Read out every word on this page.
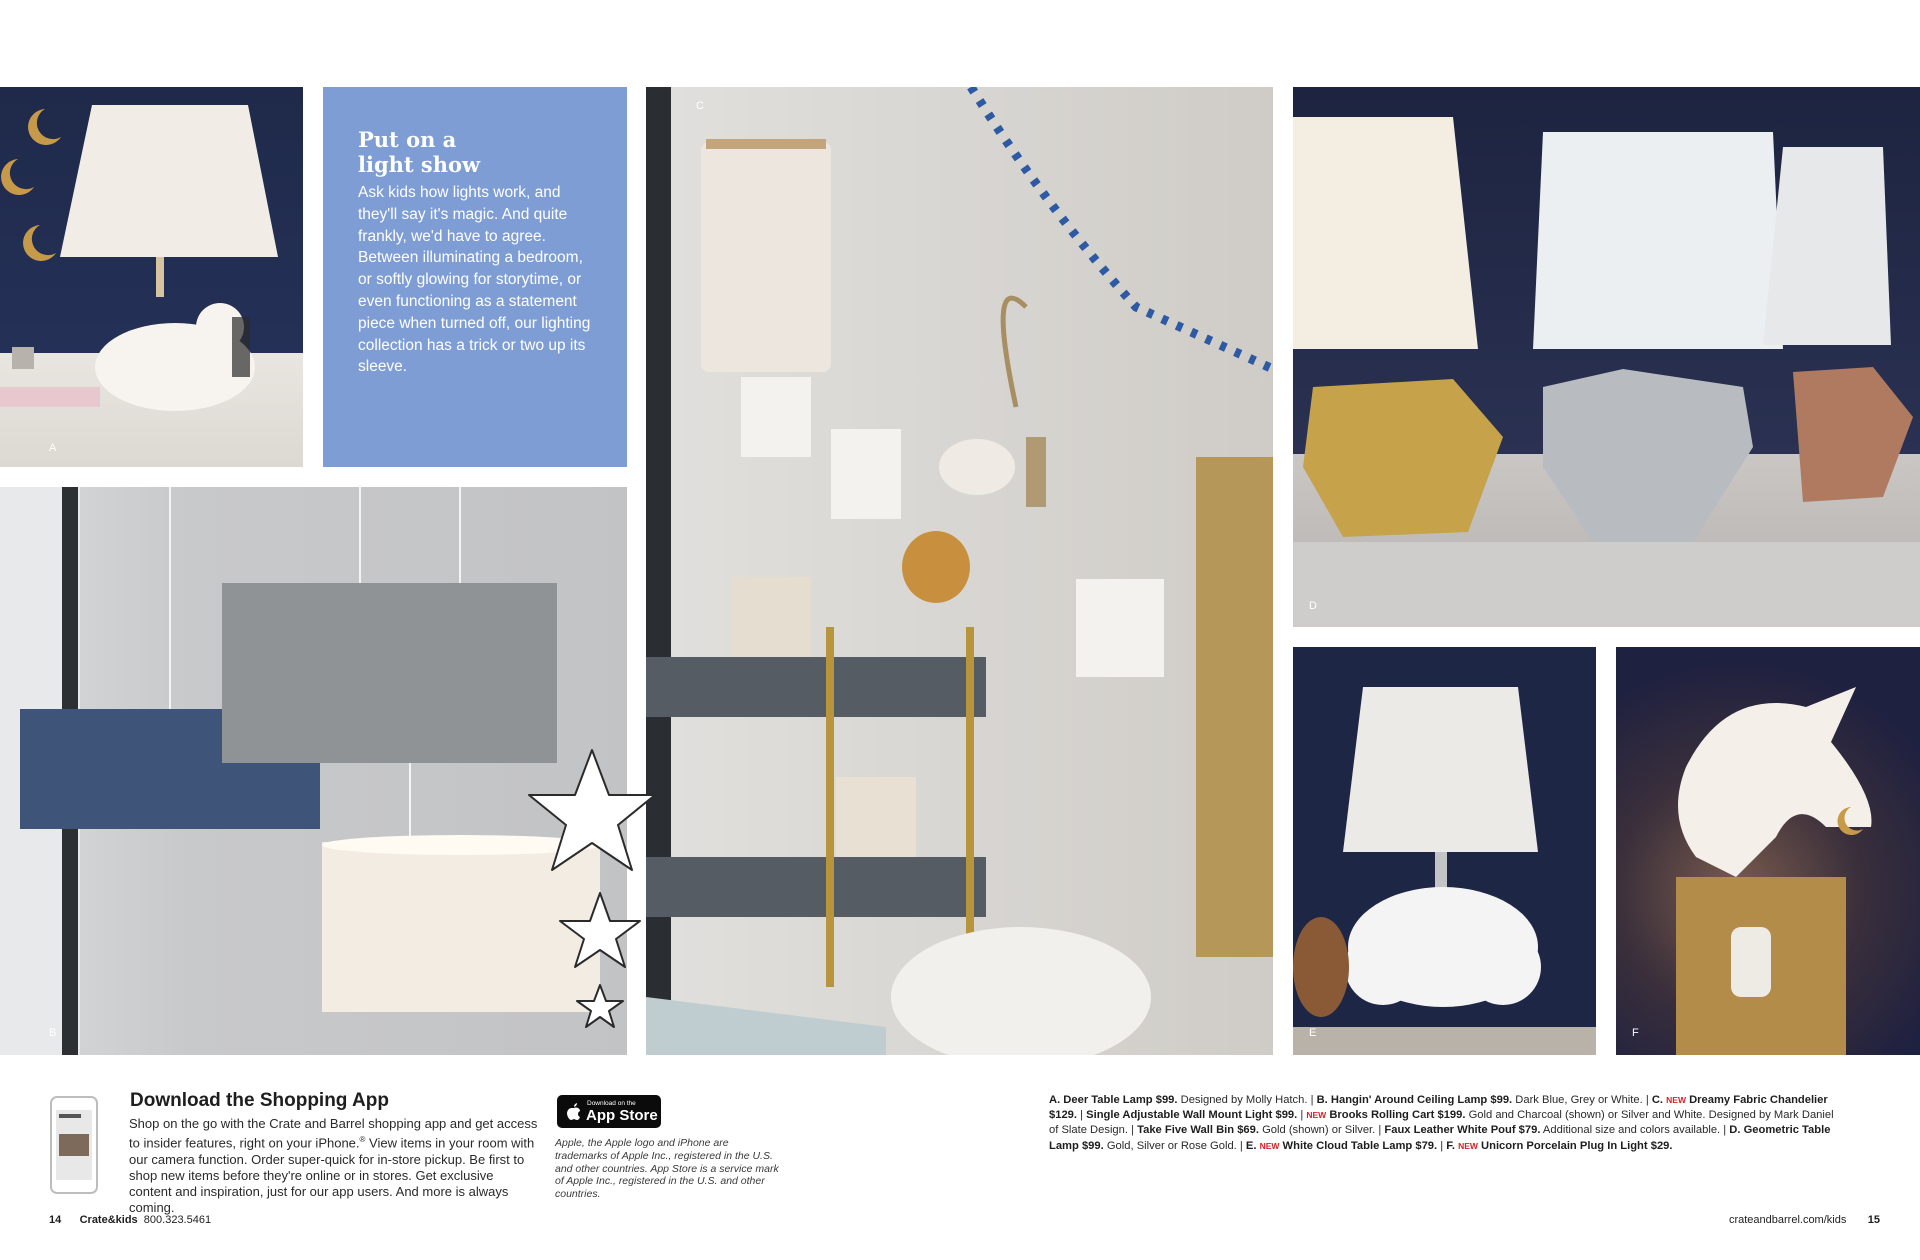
A
Put on a
light show

Ask kids how lights work, and they'll say it's magic. And quite frankly, we'd have to agree. Between illuminating a bedroom, or softly glowing for storytime, or even functioning as a statement piece when turned off, our lighting collection has a trick or two up its sleeve.

B
C
D
E	F
Download the Shopping App
Shop on the go with the Crate and Barrel shopping app and get access to insider features, right on your iPhone.® View items in your room with our camera function. Order super-quick for in-store pickup. Be first to shop new items before they're online or in stores. Get exclusive content and inspiration, just for our app users. And more is always coming.
Download on the
App Store
Apple, the Apple logo and iPhone are trademarks of Apple Inc., registered in the U.S. and other countries. App Store is a service mark of Apple Inc., registered in the U.S. and other countries.
A. Deer Table Lamp $99. Designed by Molly Hatch. | B. Hangin' Around Ceiling Lamp $99. Dark Blue, Grey or White. | C. NEW Dreamy Fabric Chandelier $129. | Single Adjustable Wall Mount Light $99. | NEW Brooks Rolling Cart $199. Gold and Charcoal (shown) or Silver and White. Designed by Mark Daniel of Slate Design. | Take Five Wall Bin $69. Gold (shown) or Silver. | Faux Leather White Pouf $79. Additional size and colors available. | D. Geometric Table Lamp $99. Gold, Silver or Rose Gold. | E. NEW White Cloud Table Lamp $79. | F. NEW Unicorn Porcelain Plug In Light $29.
14 Crate&kids 800.323.5461	crateandbarrel.com/kids 15
